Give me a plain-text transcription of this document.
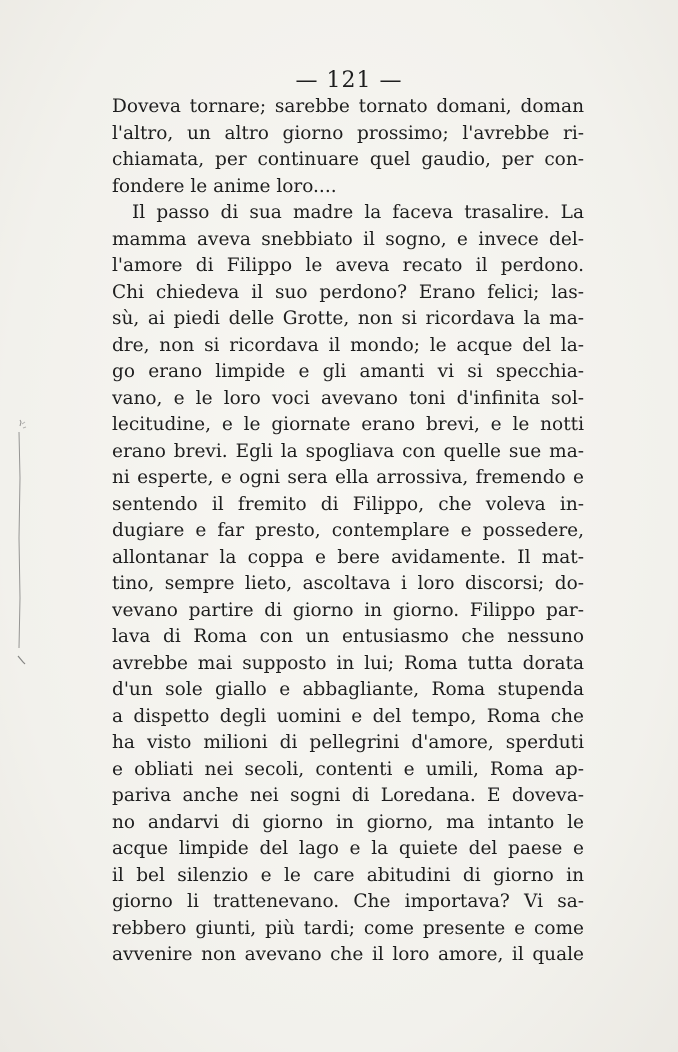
— 121 —
Doveva tornare; sarebbe tornato domani, doman
l'altro, un altro giorno prossimo; l'avrebbe ri-
chiamata, per continuare quel gaudio, per con-
fondere le anime loro....
Il passo di sua madre la faceva trasalire. La
mamma aveva snebbiato il sogno, e invece del-
l'amore di Filippo le aveva recato il perdono.
Chi chiedeva il suo perdono? Erano felici; las-
sù, ai piedi delle Grotte, non si ricordava la ma-
dre, non si ricordava il mondo; le acque del la-
go erano limpide e gli amanti vi si specchia-
vano, e le loro voci avevano toni d'infinita sol-
lecitudine, e le giornate erano brevi, e le notti
erano brevi. Egli la spogliava con quelle sue ma-
ni esperte, e ogni sera ella arrossiva, fremendo e
sentendo il fremito di Filippo, che voleva in-
dugiare e far presto, contemplare e possedere,
allontanar la coppa e bere avidamente. Il mat-
tino, sempre lieto, ascoltava i loro discorsi; do-
vevano partire di giorno in giorno. Filippo par-
lava di Roma con un entusiasmo che nessuno
avrebbe mai supposto in lui; Roma tutta dorata
d'un sole giallo e abbagliante, Roma stupenda
a dispetto degli uomini e del tempo, Roma che
ha visto milioni di pellegrini d'amore, sperduti
e obliati nei secoli, contenti e umili, Roma ap-
pariva anche nei sogni di Loredana. E doveva-
no andarvi di giorno in giorno, ma intanto le
acque limpide del lago e la quiete del paese e
il bel silenzio e le care abitudini di giorno in
giorno li trattenevano. Che importava? Vi sa-
rebbero giunti, più tardi; come presente e come
avvenire non avevano che il loro amore, il quale
